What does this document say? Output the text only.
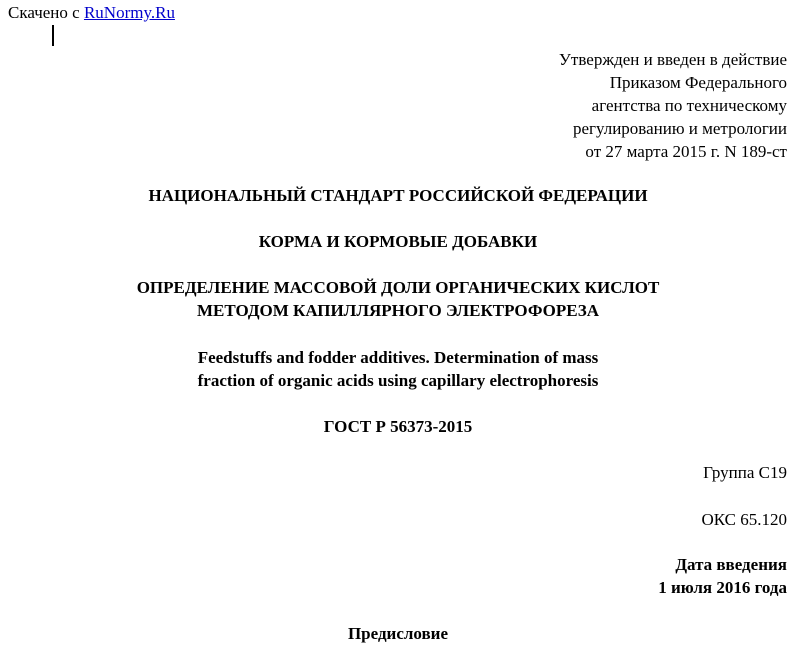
Скачено с RuNormy.Ru
Утвержден и введен в действие
Приказом Федерального
агентства по техническому
регулированию и метрологии
от 27 марта 2015 г. N 189-ст
НАЦИОНАЛЬНЫЙ СТАНДАРТ РОССИЙСКОЙ ФЕДЕРАЦИИ
КОРМА И КОРМОВЫЕ ДОБАВКИ
ОПРЕДЕЛЕНИЕ МАССОВОЙ ДОЛИ ОРГАНИЧЕСКИХ КИСЛОТ
МЕТОДОМ КАПИЛЛЯРНОГО ЭЛЕКТРОФОРЕЗА
Feedstuffs and fodder additives. Determination of mass
fraction of organic acids using capillary electrophoresis
ГОСТ Р 56373-2015
Группа С19
ОКС 65.120
Дата введения
1 июля 2016 года
Предисловие
